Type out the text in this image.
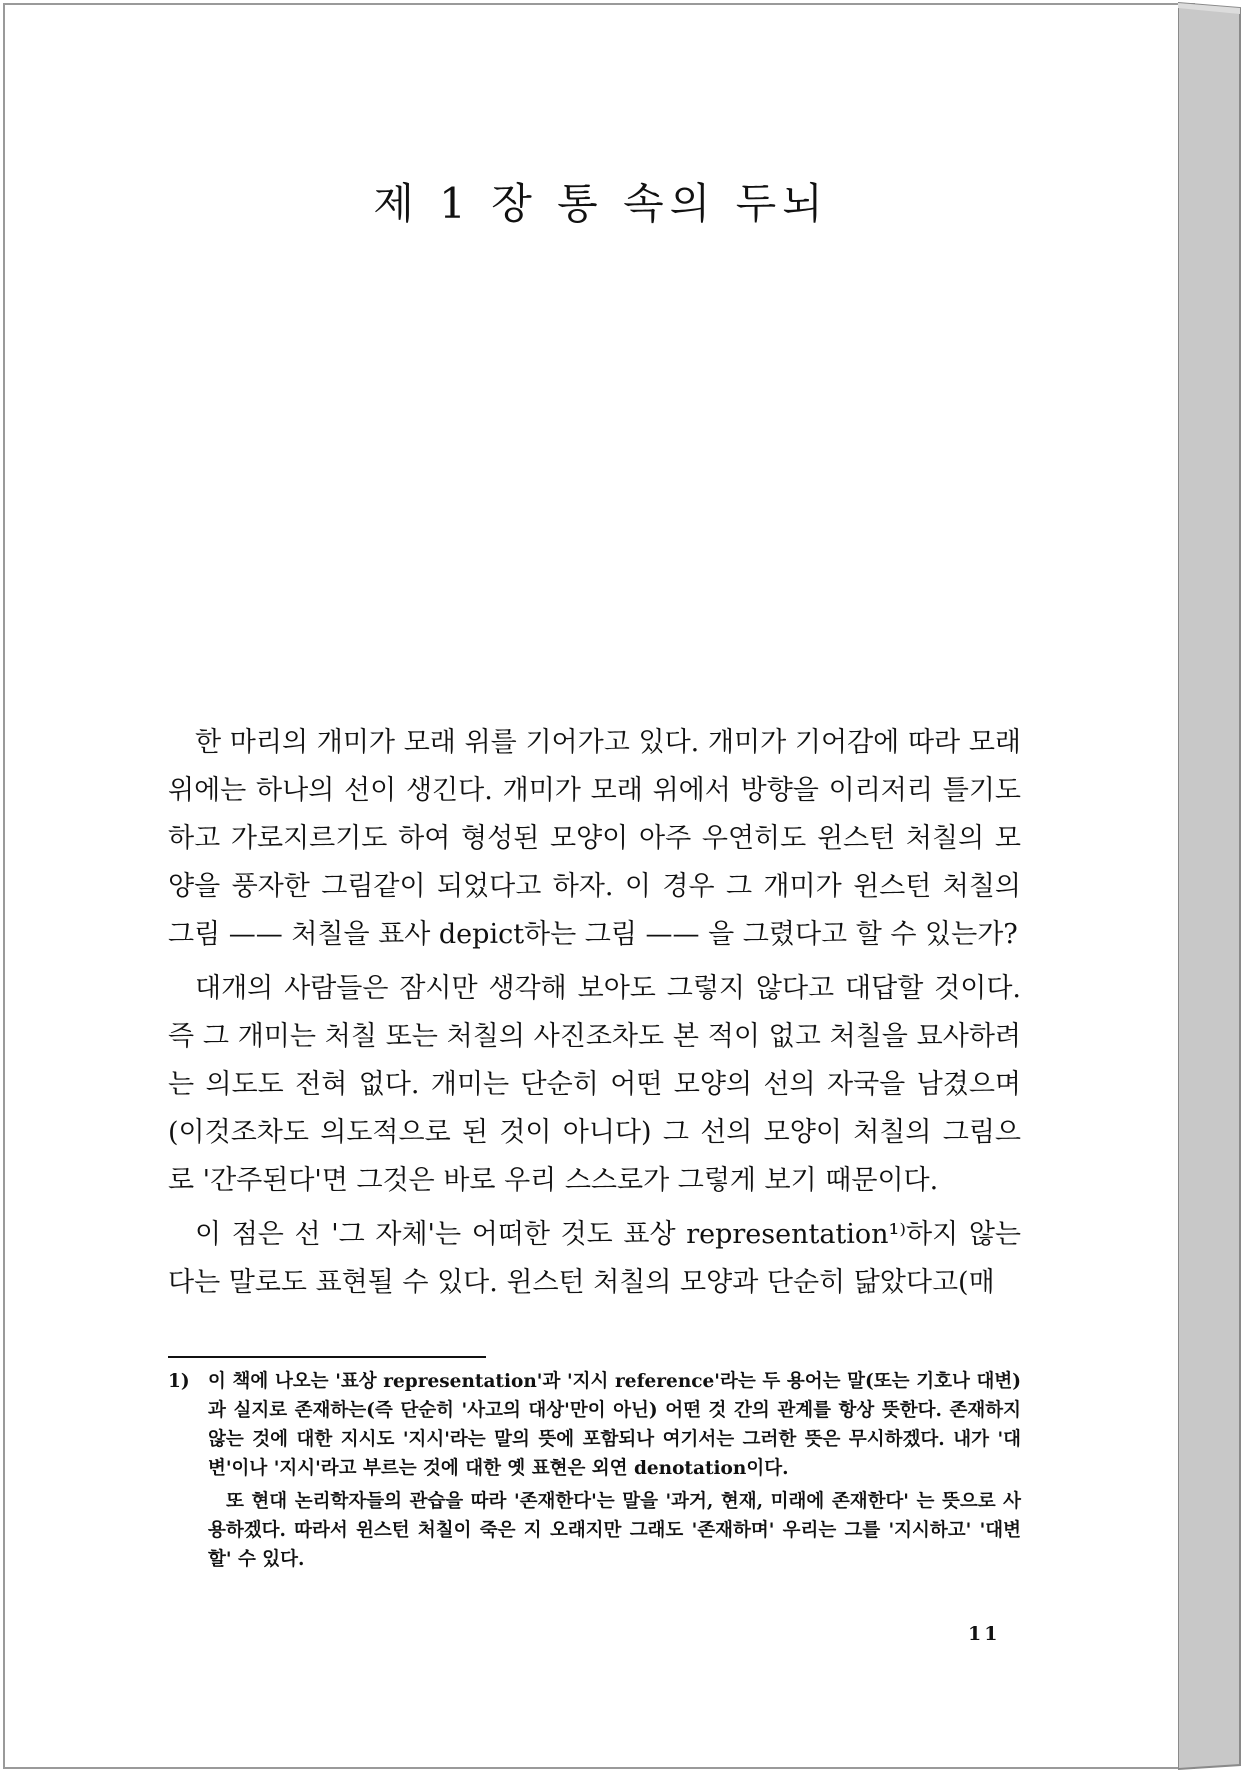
제 1 장 통 속의 두뇌

한 마리의 개미가 모래 위를 기어가고 있다. 개미가 기어감에 따라 모래 위에는 하나의 선이 생긴다. 개미가 모래 위에서 방향을 이리저리 틀기도 하고 가로지르기도 하여 형성된 모양이 아주 우연히도 윈스턴 처칠의 모양을 풍자한 그림같이 되었다고 하자. 이 경우 그 개미가 윈스턴 처칠의 그림 —— 처칠을 표사 depict하는 그림 —— 을 그렸다고 할 수 있는가?

대개의 사람들은 잠시만 생각해 보아도 그렇지 않다고 대답할 것이다. 즉 그 개미는 처칠 또는 처칠의 사진조차도 본 적이 없고 처칠을 묘사하려는 의도도 전혀 없다. 개미는 단순히 어떤 모양의 선의 자국을 남겼으며(이것조차도 의도적으로 된 것이 아니다) 그 선의 모양이 처칠의 그림으로 '간주된다'면 그것은 바로 우리 스스로가 그렇게 보기 때문이다.

이 점은 선 '그 자체'는 어떠한 것도 표상 representation¹⁾하지 않는다는 말로도 표현될 수 있다. 윈스턴 처칠의 모양과 단순히 닮았다고(매

1) 이 책에 나오는 '표상 representation'과 '지시 reference'라는 두 용어는 말(또는 기호나 대변)과 실지로 존재하는(즉 단순히 '사고의 대상'만이 아닌) 어떤 것 간의 관계를 항상 뜻한다. 존재하지 않는 것에 대한 지시도 '지시'라는 말의 뜻에 포함되나 여기서는 그러한 뜻은 무시하겠다. 내가 '대변'이나 '지시'라고 부르는 것에 대한 옛 표현은 외연 denotation이다.

또 현대 논리학자들의 관습을 따라 '존재한다'는 말을 '과거, 현재, 미래에 존재한다' 는 뜻으로 사용하겠다. 따라서 윈스턴 처칠이 죽은 지 오래지만 그래도 '존재하며' 우리는 그를 '지시하고' '대변할' 수 있다.

11
